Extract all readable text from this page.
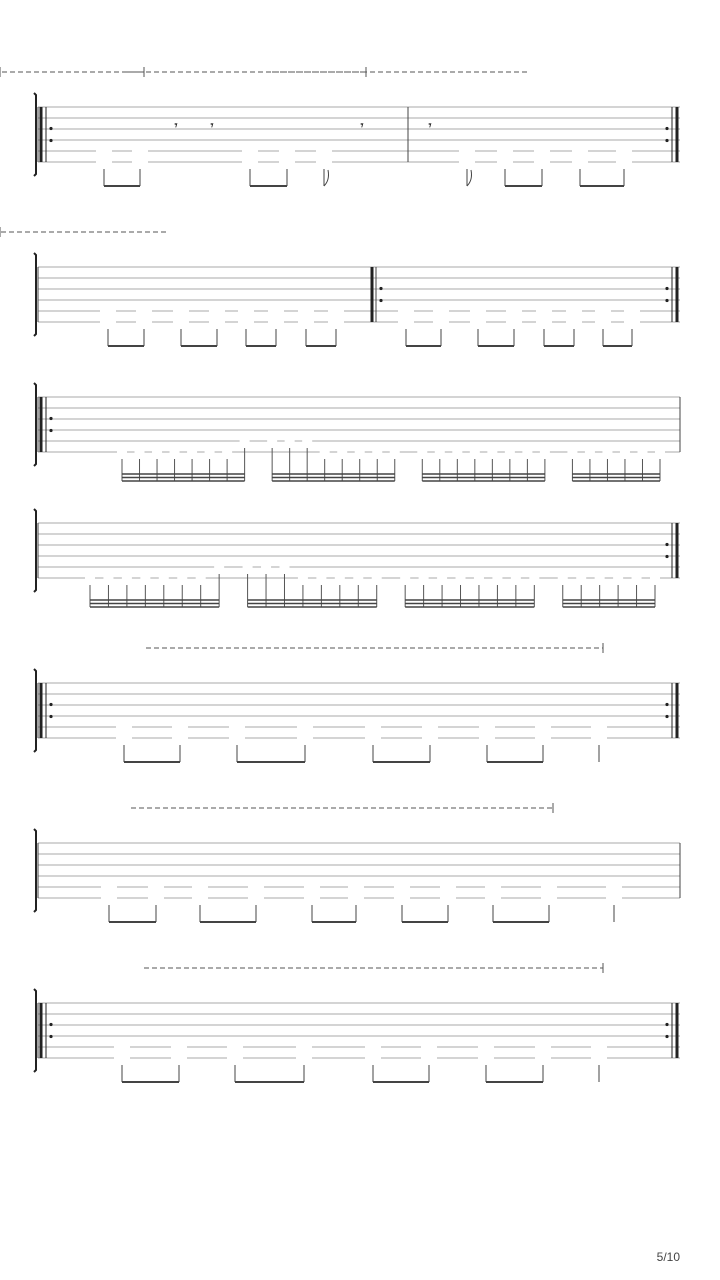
𝄾	𝄾	𝄾	𝄾
5/10
